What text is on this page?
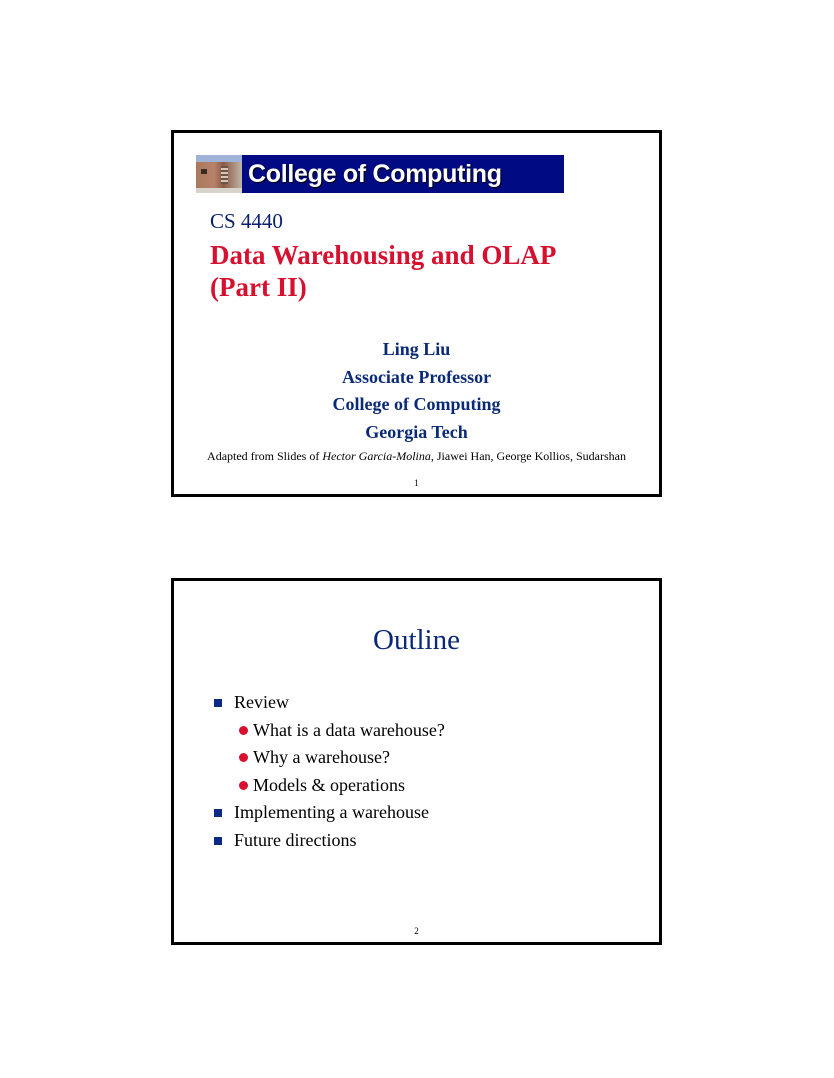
College of Computing
CS 4440
Data Warehousing and OLAP
(Part II)
Ling Liu
Associate Professor
College of Computing
Georgia Tech
Adapted from Slides of Hector Garcia-Molina, Jiawei Han, George Kollios, Sudarshan
1
Outline
Review
What is a data warehouse?
Why a warehouse?
Models & operations
Implementing a warehouse
Future directions
2
